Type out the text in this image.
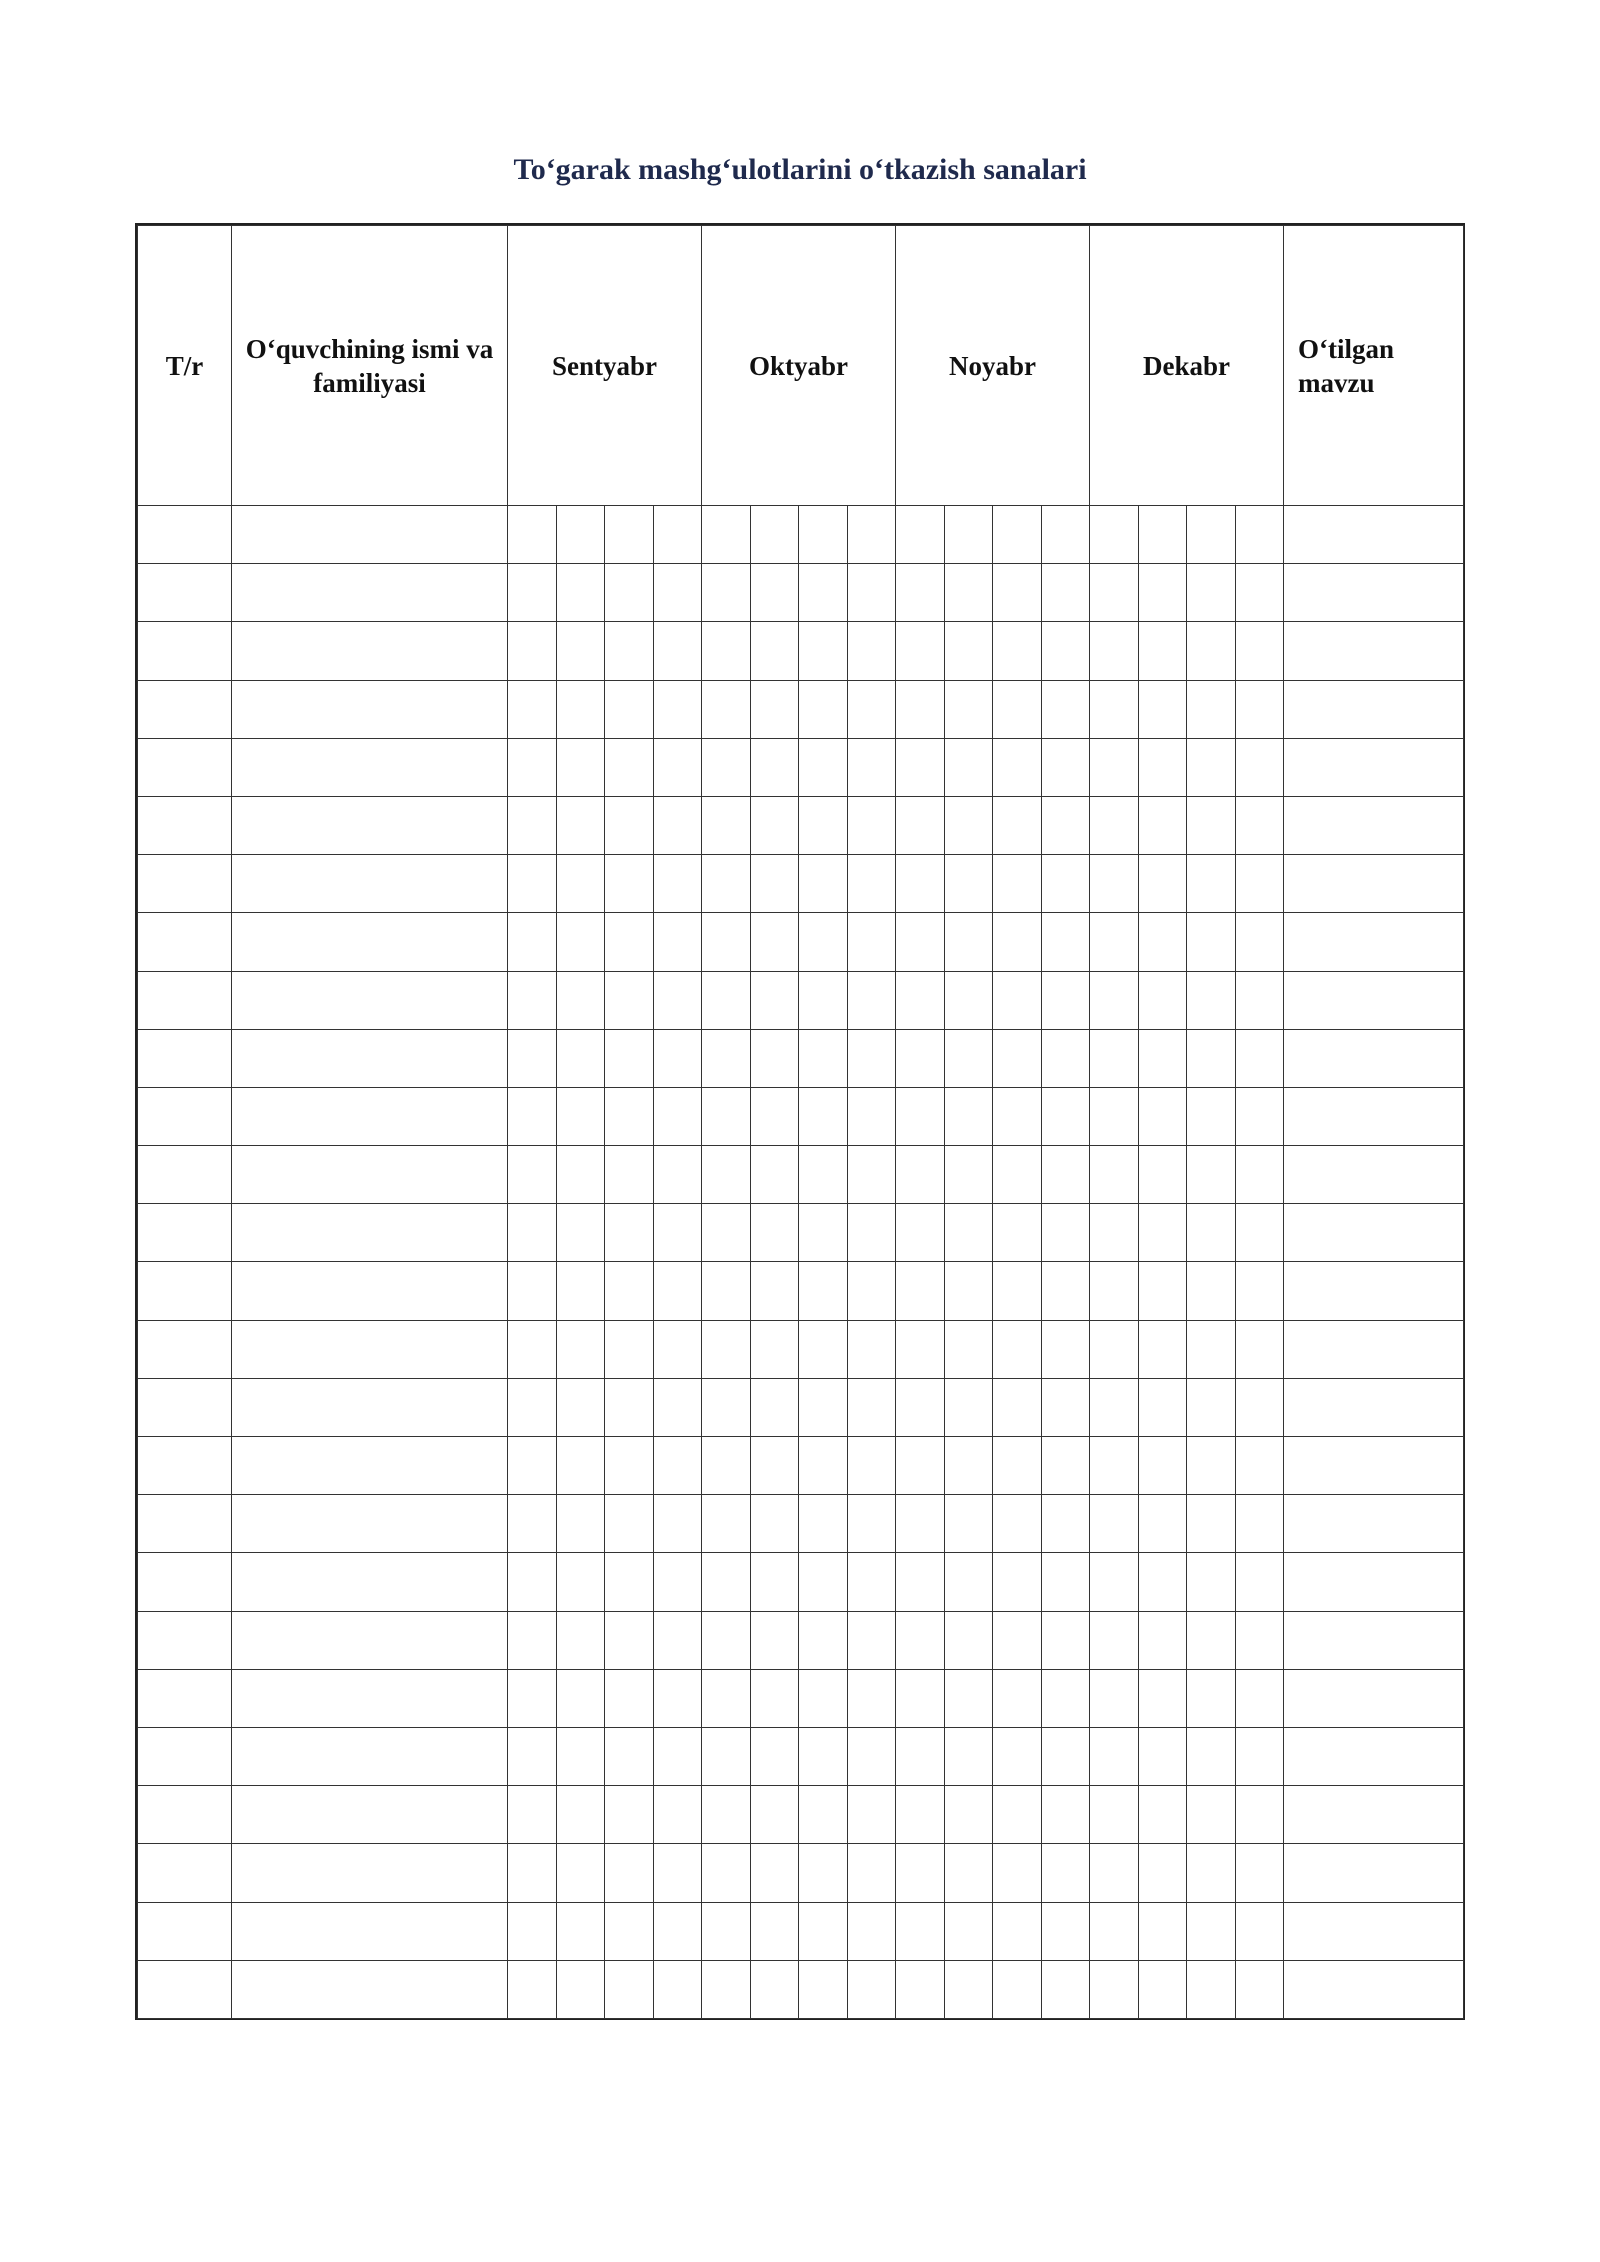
To‘garak mashg‘ulotlarini o‘tkazish sanalari
T/r	O‘quvchining ismi va familiyasi	Sentyabr				Oktyabr				Noyabr				Dekabr				O‘tilgan mavzu
